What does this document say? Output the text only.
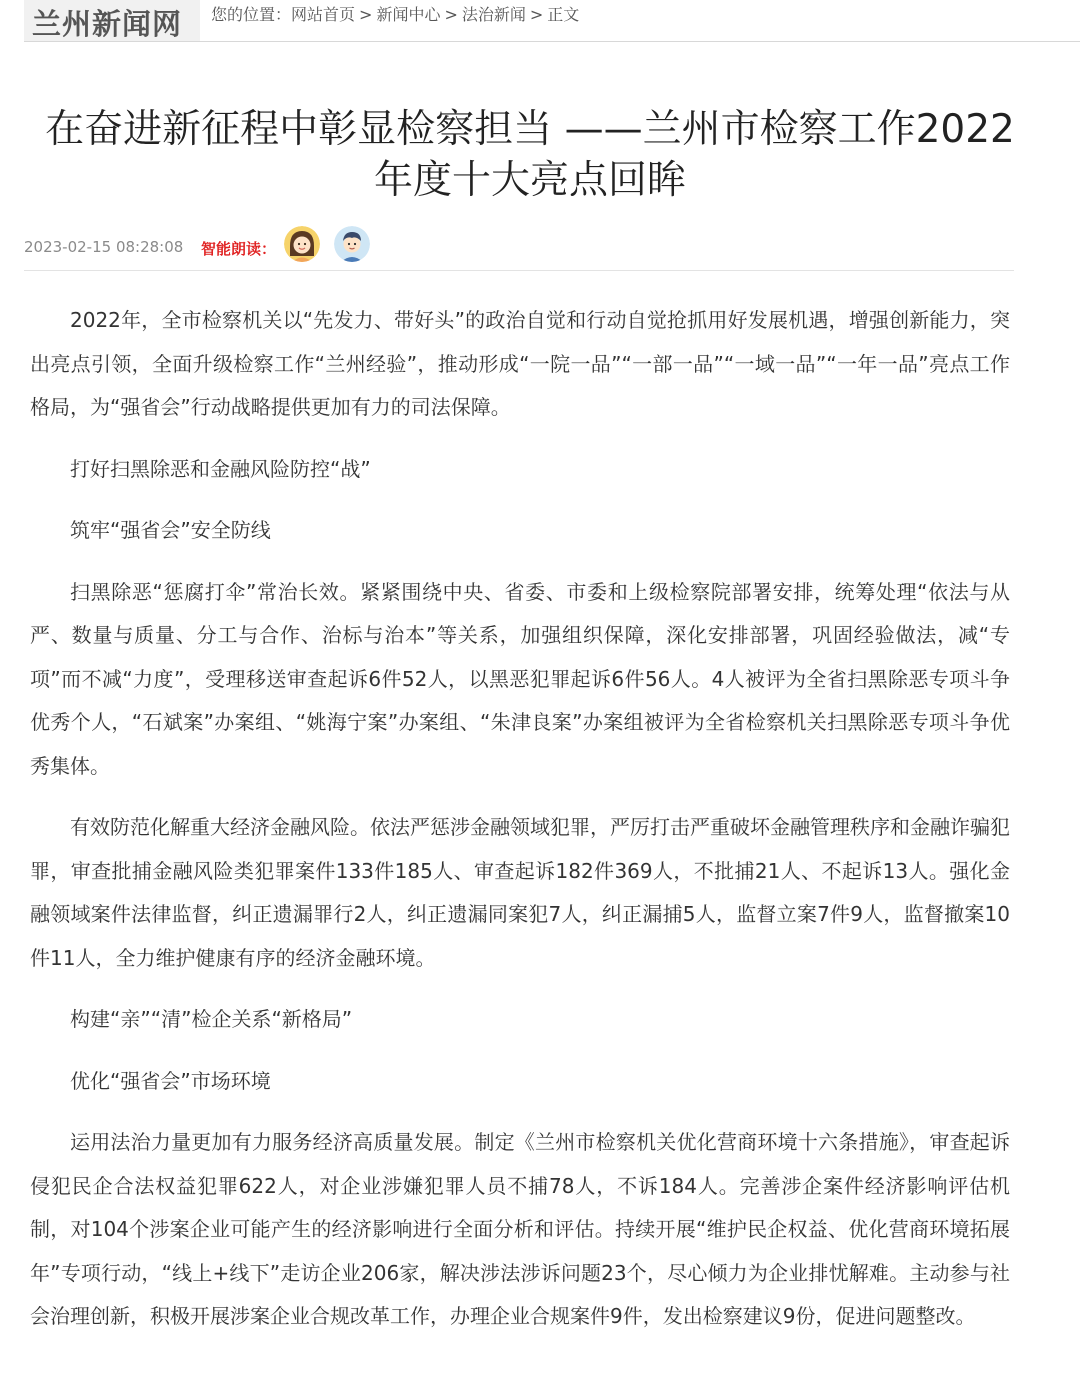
兰州新闻网 您的位置：网站首页 > 新闻中心 > 法治新闻 > 正文
在奋进新征程中彰显检察担当 ——兰州市检察工作2022年度十大亮点回眸
2023-02-15 08:28:08 智能朗读：

2022年，全市检察机关以“先发力、带好头”的政治自觉和行动自觉抢抓用好发展机遇，增强创新能力，突出亮点引领，全面升级检察工作“兰州经验”，推动形成“一院一品”“一部一品”“一域一品”“一年一品”亮点工作格局，为“强省会”行动战略提供更加有力的司法保障。

打好扫黑除恶和金融风险防控“战”

筑牢“强省会”安全防线

扫黑除恶“惩腐打伞”常治长效。紧紧围绕中央、省委、市委和上级检察院部署安排，统筹处理“依法与从严、数量与质量、分工与合作、治标与治本”等关系，加强组织保障，深化安排部署，巩固经验做法，减“专项”而不减“力度”，受理移送审查起诉6件52人，以黑恶犯罪起诉6件56人。4人被评为全省扫黑除恶专项斗争优秀个人，“石斌案”办案组、“姚海宁案”办案组、“朱津良案”办案组被评为全省检察机关扫黑除恶专项斗争优秀集体。

有效防范化解重大经济金融风险。依法严惩涉金融领域犯罪，严厉打击严重破坏金融管理秩序和金融诈骗犯罪，审查批捕金融风险类犯罪案件133件185人、审查起诉182件369人，不批捕21人、不起诉13人。强化金融领域案件法律监督，纠正遗漏罪行2人，纠正遗漏同案犯7人，纠正漏捕5人，监督立案7件9人，监督撤案10件11人，全力维护健康有序的经济金融环境。

构建“亲”“清”检企关系“新格局”

优化“强省会”市场环境

运用法治力量更加有力服务经济高质量发展。制定《兰州市检察机关优化营商环境十六条措施》，审查起诉侵犯民企合法权益犯罪622人，对企业涉嫌犯罪人员不捕78人，不诉184人。完善涉企案件经济影响评估机制，对104个涉案企业可能产生的经济影响进行全面分析和评估。持续开展“维护民企权益、优化营商环境拓展年”专项行动，“线上+线下”走访企业206家，解决涉法涉诉问题23个，尽心倾力为企业排忧解难。主动参与社会治理创新，积极开展涉案企业合规改革工作，办理企业合规案件9件，发出检察建议9份，促进问题整改。
